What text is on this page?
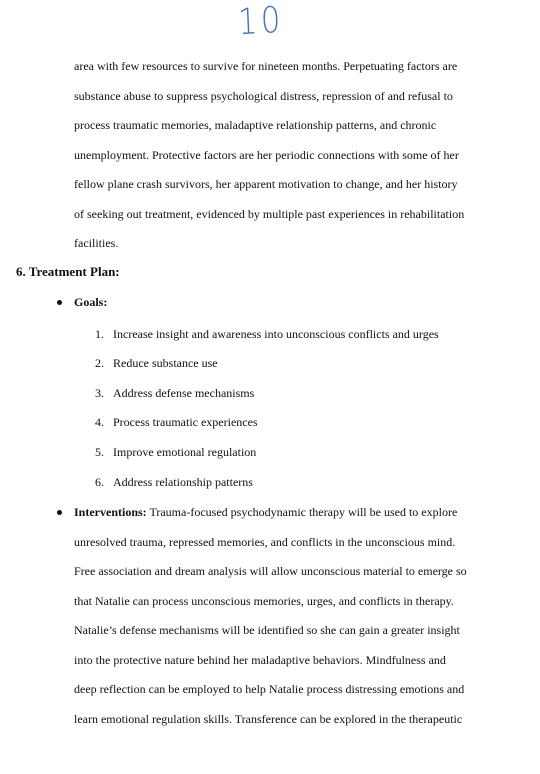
10
area with few resources to survive for nineteen months. Perpetuating factors are
substance abuse to suppress psychological distress, repression of and refusal to
process traumatic memories, maladaptive relationship patterns, and chronic
unemployment. Protective factors are her periodic connections with some of her
fellow plane crash survivors, her apparent motivation to change, and her history
of seeking out treatment, evidenced by multiple past experiences in rehabilitation
facilities.
6. Treatment Plan:
Goals:
1. Increase insight and awareness into unconscious conflicts and urges
2. Reduce substance use
3. Address defense mechanisms
4. Process traumatic experiences
5. Improve emotional regulation
6. Address relationship patterns
Interventions: Trauma-focused psychodynamic therapy will be used to explore
unresolved trauma, repressed memories, and conflicts in the unconscious mind.
Free association and dream analysis will allow unconscious material to emerge so
that Natalie can process unconscious memories, urges, and conflicts in therapy.
Natalie’s defense mechanisms will be identified so she can gain a greater insight
into the protective nature behind her maladaptive behaviors. Mindfulness and
deep reflection can be employed to help Natalie process distressing emotions and
learn emotional regulation skills. Transference can be explored in the therapeutic
